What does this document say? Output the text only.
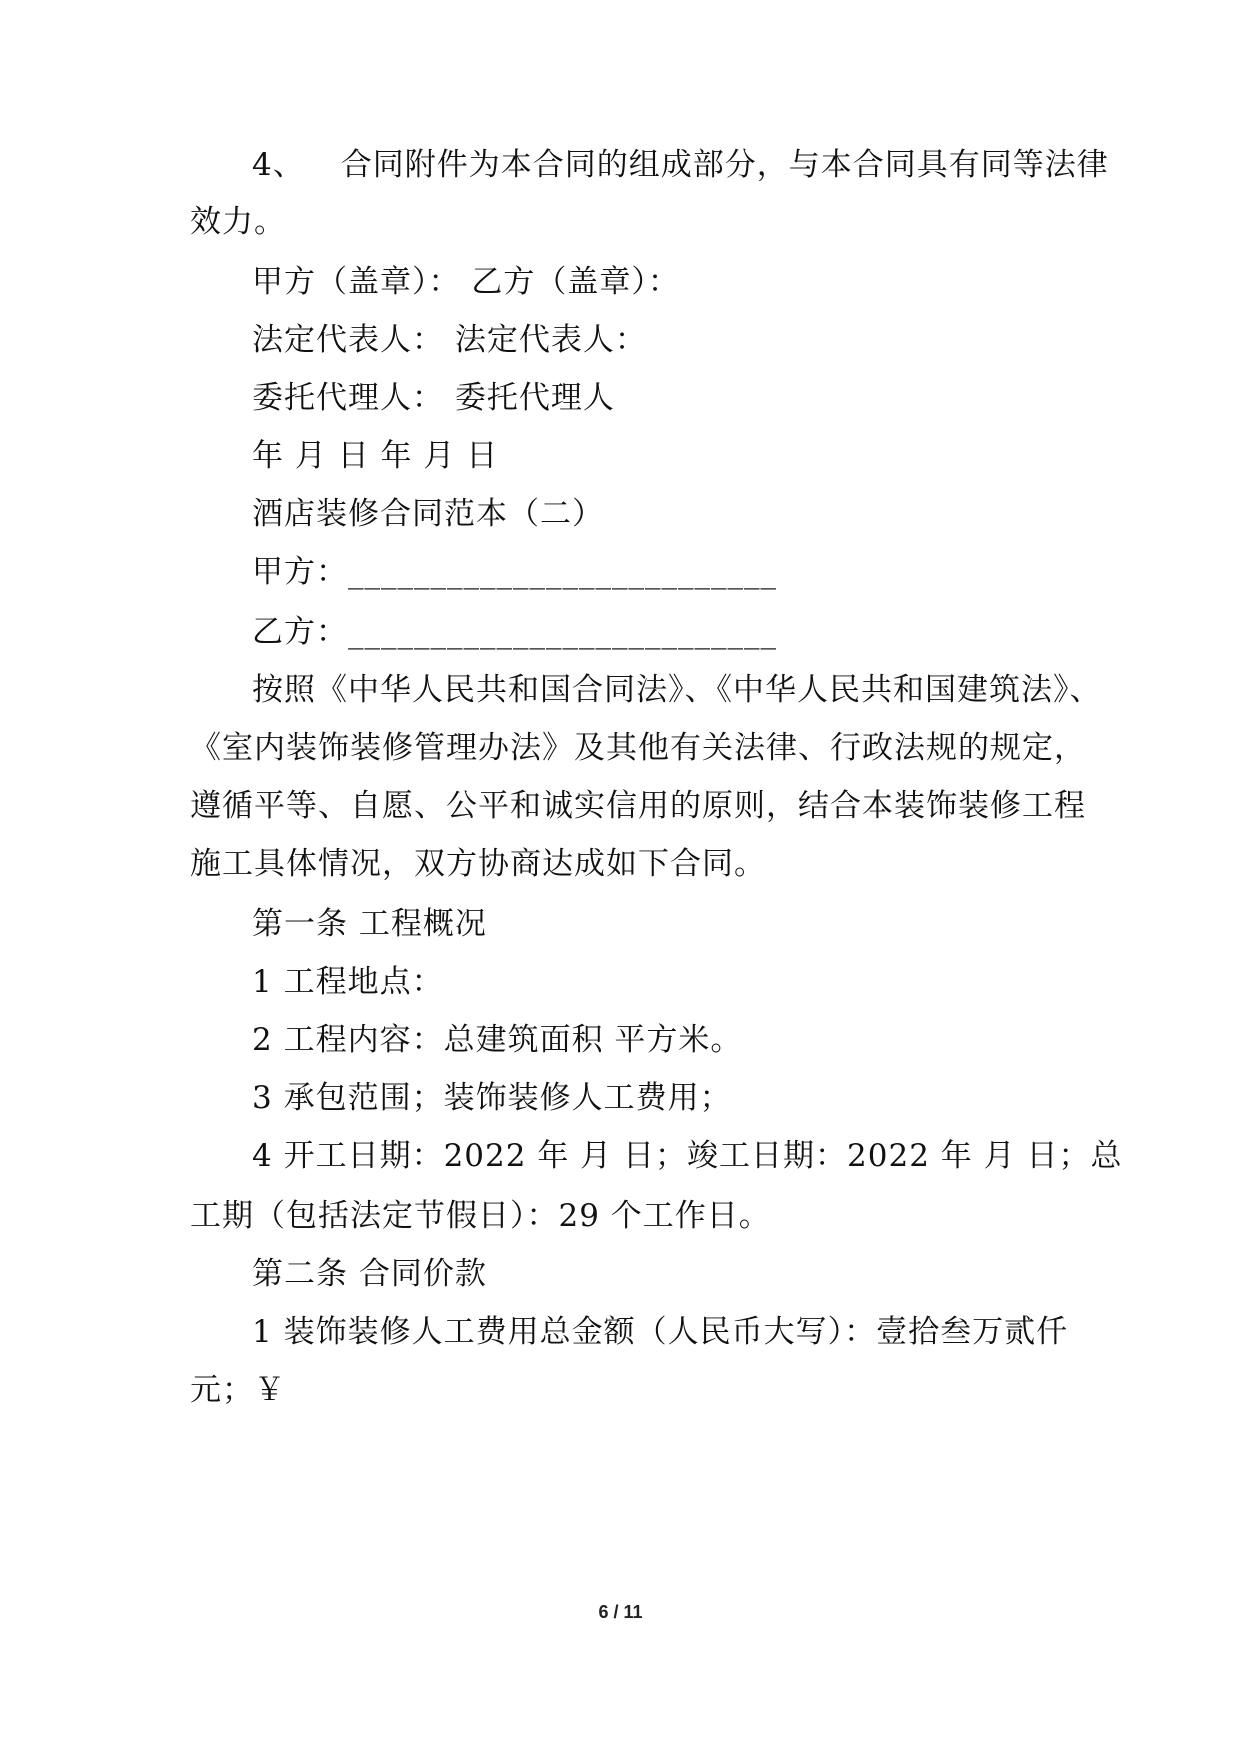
4、 合同附件为本合同的组成部分，与本合同具有同等法律
效力。
甲方（盖章）： 乙方（盖章）：
法定代表人： 法定代表人：
委托代理人： 委托代理人
年 月 日 年 月 日
酒店装修合同范本（二）
甲方：__________________________
乙方：__________________________
按照《中华人民共和国合同法》、《中华人民共和国建筑法》、
《室内装饰装修管理办法》及其他有关法律、行政法规的规定，
遵循平等、自愿、公平和诚实信用的原则，结合本装饰装修工程
施工具体情况，双方协商达成如下合同。
第一条 工程概况
1 工程地点：
2 工程内容：总建筑面积 平方米。
3 承包范围；装饰装修人工费用；
4 开工日期：2022 年 月 日；竣工日期：2022 年 月 日；总
工期（包括法定节假日）：29 个工作日。
第二条 合同价款
1 装饰装修人工费用总金额（人民币大写）：壹拾叁万贰仟
元；￥
6 / 11
